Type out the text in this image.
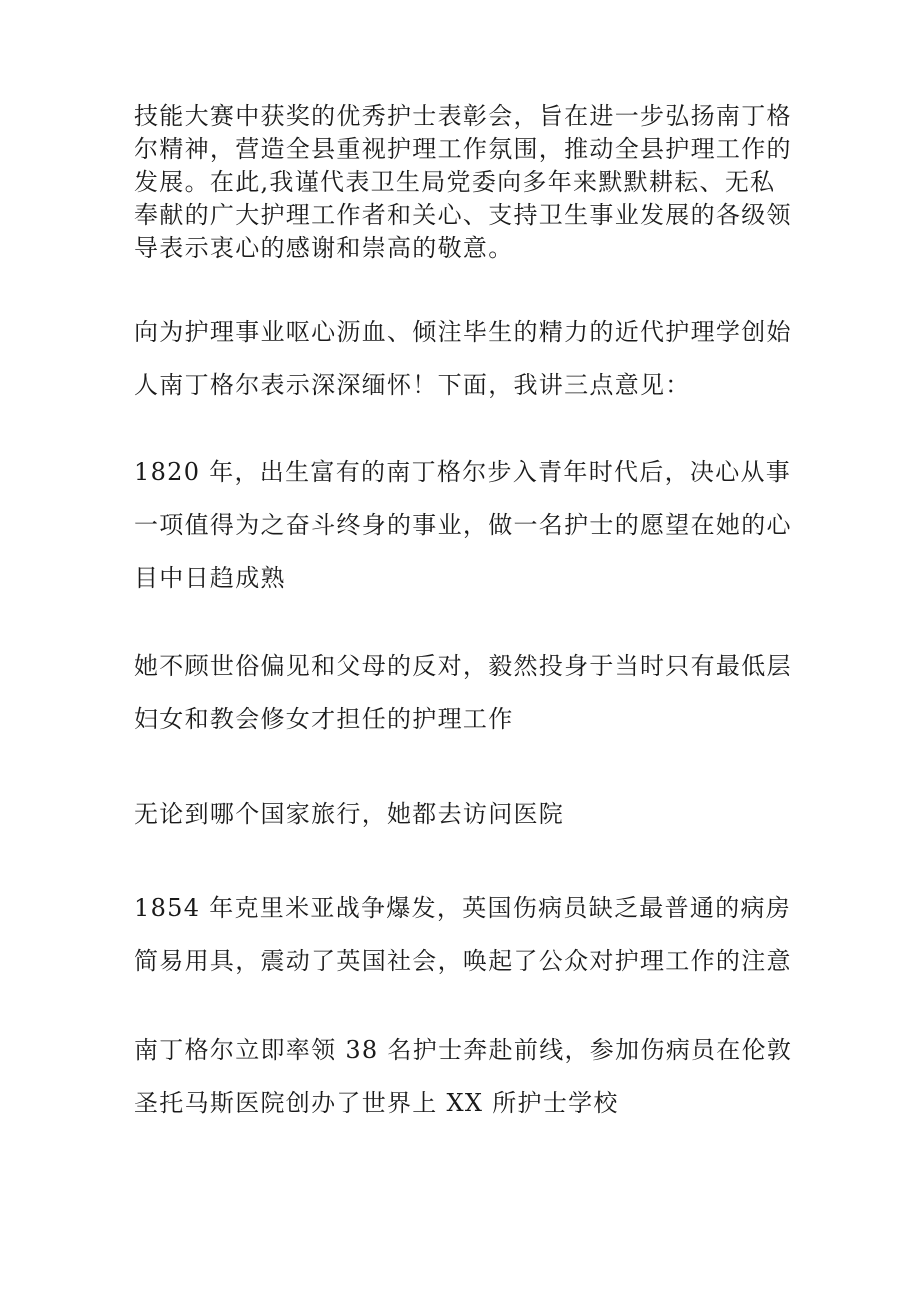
技能大赛中获奖的优秀护士表彰会，旨在进一步弘扬南丁格尔精神，营造全县重视护理工作氛围，推动全县护理工作的发展。在此,我谨代表卫生局党委向多年来默默耕耘、无私奉献的广大护理工作者和关心、支持卫生事业发展的各级领导表示衷心的感谢和崇高的敬意。

向为护理事业呕心沥血、倾注毕生的精力的近代护理学创始人南丁格尔表示深深缅怀！下面，我讲三点意见：

1820 年，出生富有的南丁格尔步入青年时代后，决心从事一项值得为之奋斗终身的事业，做一名护士的愿望在她的心目中日趋成熟

她不顾世俗偏见和父母的反对，毅然投身于当时只有最低层妇女和教会修女才担任的护理工作

无论到哪个国家旅行，她都去访问医院

1854 年克里米亚战争爆发，英国伤病员缺乏最普通的病房简易用具，震动了英国社会，唤起了公众对护理工作的注意

南丁格尔立即率领 38 名护士奔赴前线，参加伤病员在伦敦圣托马斯医院创办了世界上 XX 所护士学校
